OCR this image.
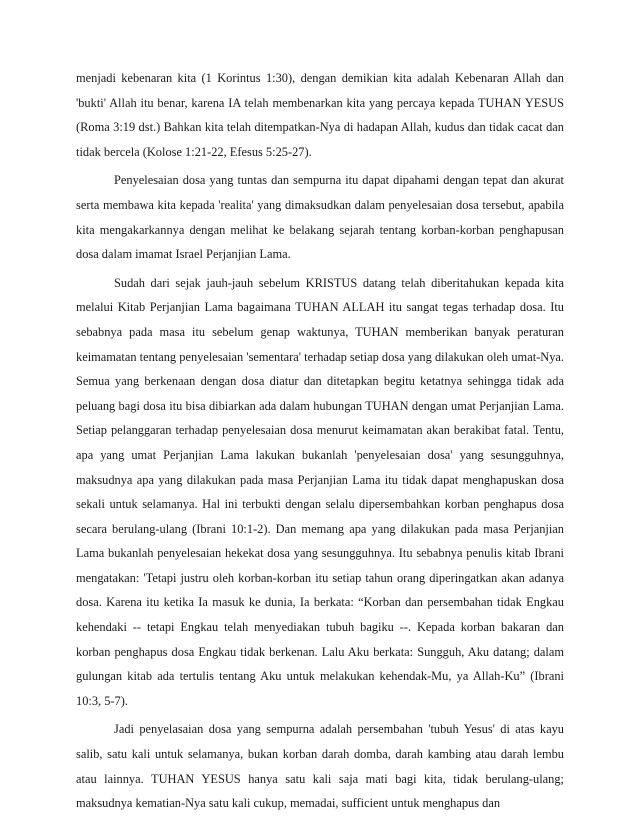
menjadi kebenaran kita (1 Korintus 1:30), dengan demikian kita adalah Kebenaran Allah dan 'bukti' Allah itu benar, karena IA telah membenarkan kita yang percaya kepada TUHAN YESUS (Roma 3:19 dst.) Bahkan kita telah ditempatkan-Nya di hadapan Allah, kudus dan tidak cacat dan tidak bercela (Kolose 1:21-22, Efesus 5:25-27).

Penyelesaian dosa yang tuntas dan sempurna itu dapat dipahami dengan tepat dan akurat serta membawa kita kepada 'realita' yang dimaksudkan dalam penyelesaian dosa tersebut, apabila kita mengakarkannya dengan melihat ke belakang sejarah tentang korban-korban penghapusan dosa dalam imamat Israel Perjanjian Lama.

Sudah dari sejak jauh-jauh sebelum KRISTUS datang telah diberitahukan kepada kita melalui Kitab Perjanjian Lama bagaimana TUHAN ALLAH itu sangat tegas terhadap dosa. Itu sebabnya pada masa itu sebelum genap waktunya, TUHAN memberikan banyak peraturan keimamatan tentang penyelesaian 'sementara' terhadap setiap dosa yang dilakukan oleh umat-Nya. Semua yang berkenaan dengan dosa diatur dan ditetapkan begitu ketatnya sehingga tidak ada peluang bagi dosa itu bisa dibiarkan ada dalam hubungan TUHAN dengan umat Perjanjian Lama. Setiap pelanggaran terhadap penyelesaian dosa menurut keimamatan akan berakibat fatal. Tentu, apa yang umat Perjanjian Lama lakukan bukanlah 'penyelesaian dosa' yang sesungguhnya, maksudnya apa yang dilakukan pada masa Perjanjian Lama itu tidak dapat menghapuskan dosa sekali untuk selamanya. Hal ini terbukti dengan selalu dipersembahkan korban penghapus dosa secara berulang-ulang (Ibrani 10:1-2). Dan memang apa yang dilakukan pada masa Perjanjian Lama bukanlah penyelesaian hekekat dosa yang sesungguhnya. Itu sebabnya penulis kitab Ibrani mengatakan: 'Tetapi justru oleh korban-korban itu setiap tahun orang diperingatkan akan adanya dosa. Karena itu ketika Ia masuk ke dunia, Ia berkata: “Korban dan persembahan tidak Engkau kehendaki -- tetapi Engkau telah menyediakan tubuh bagiku --. Kepada korban bakaran dan korban penghapus dosa Engkau tidak berkenan. Lalu Aku berkata: Sungguh, Aku datang; dalam gulungan kitab ada tertulis tentang Aku untuk melakukan kehendak-Mu, ya Allah-Ku” (Ibrani 10:3, 5-7).

Jadi penyelasaian dosa yang sempurna adalah persembahan 'tubuh Yesus' di atas kayu salib, satu kali untuk selamanya, bukan korban darah domba, darah kambing atau darah lembu atau lainnya. TUHAN YESUS hanya satu kali saja mati bagi kita, tidak berulang-ulang; maksudnya kematian-Nya satu kali cukup, memadai, sufficient untuk menghapus dan
